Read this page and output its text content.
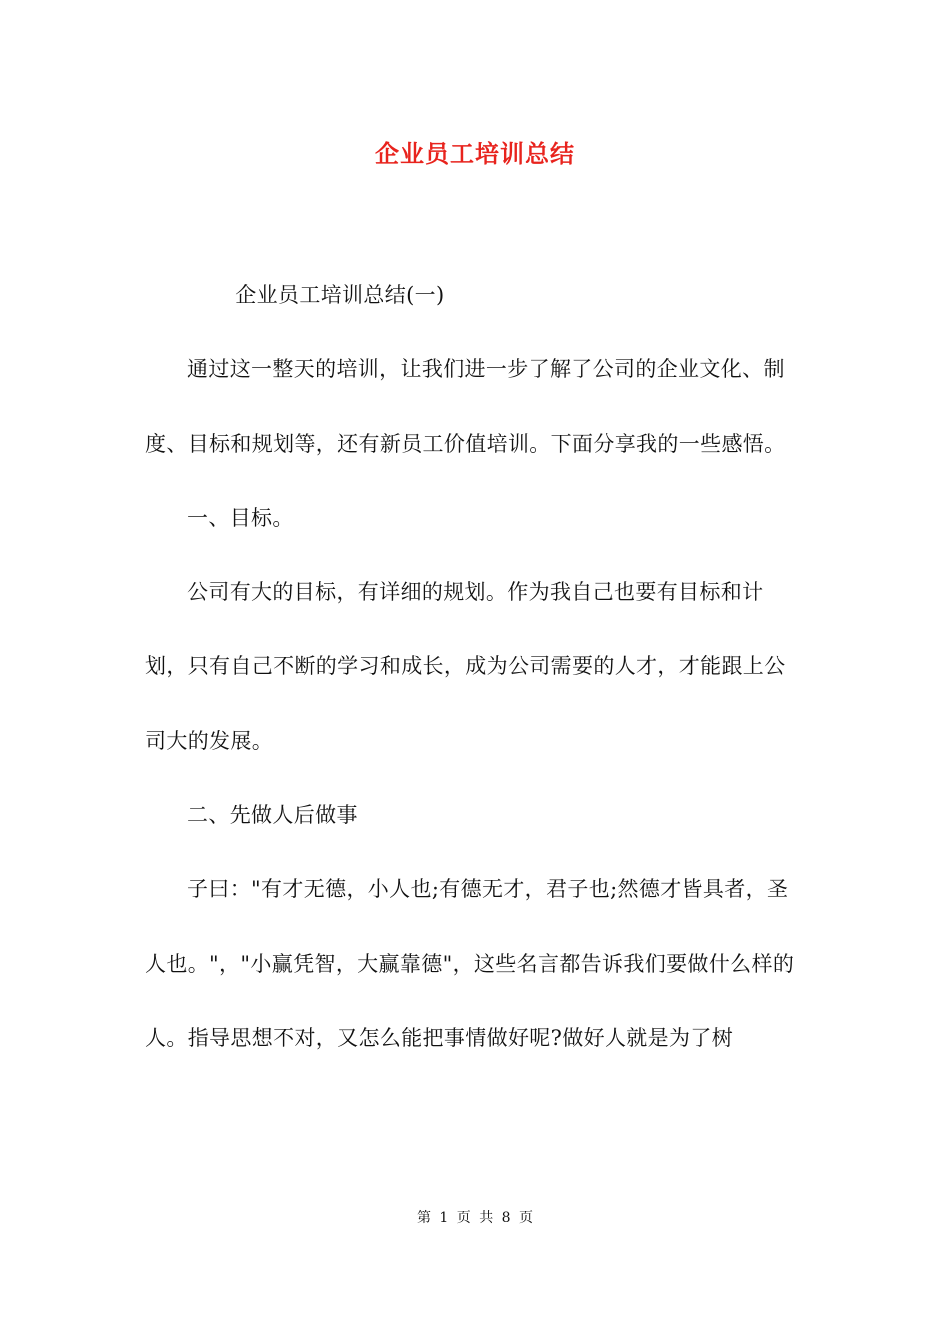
企业员工培训总结

企业员工培训总结(一)

通过这一整天的培训，让我们进一步了解了公司的企业文化、制度、目标和规划等，还有新员工价值培训。下面分享我的一些感悟。

一、目标。

公司有大的目标，有详细的规划。作为我自己也要有目标和计划，只有自己不断的学习和成长，成为公司需要的人才，才能跟上公司大的发展。

二、先做人后做事

子曰："有才无德，小人也;有德无才，君子也;然德才皆具者，圣人也。"，"小赢凭智，大赢靠德"，这些名言都告诉我们要做什么样的人。指导思想不对，又怎么能把事情做好呢?做好人就是为了树

第 1 页 共 8 页
